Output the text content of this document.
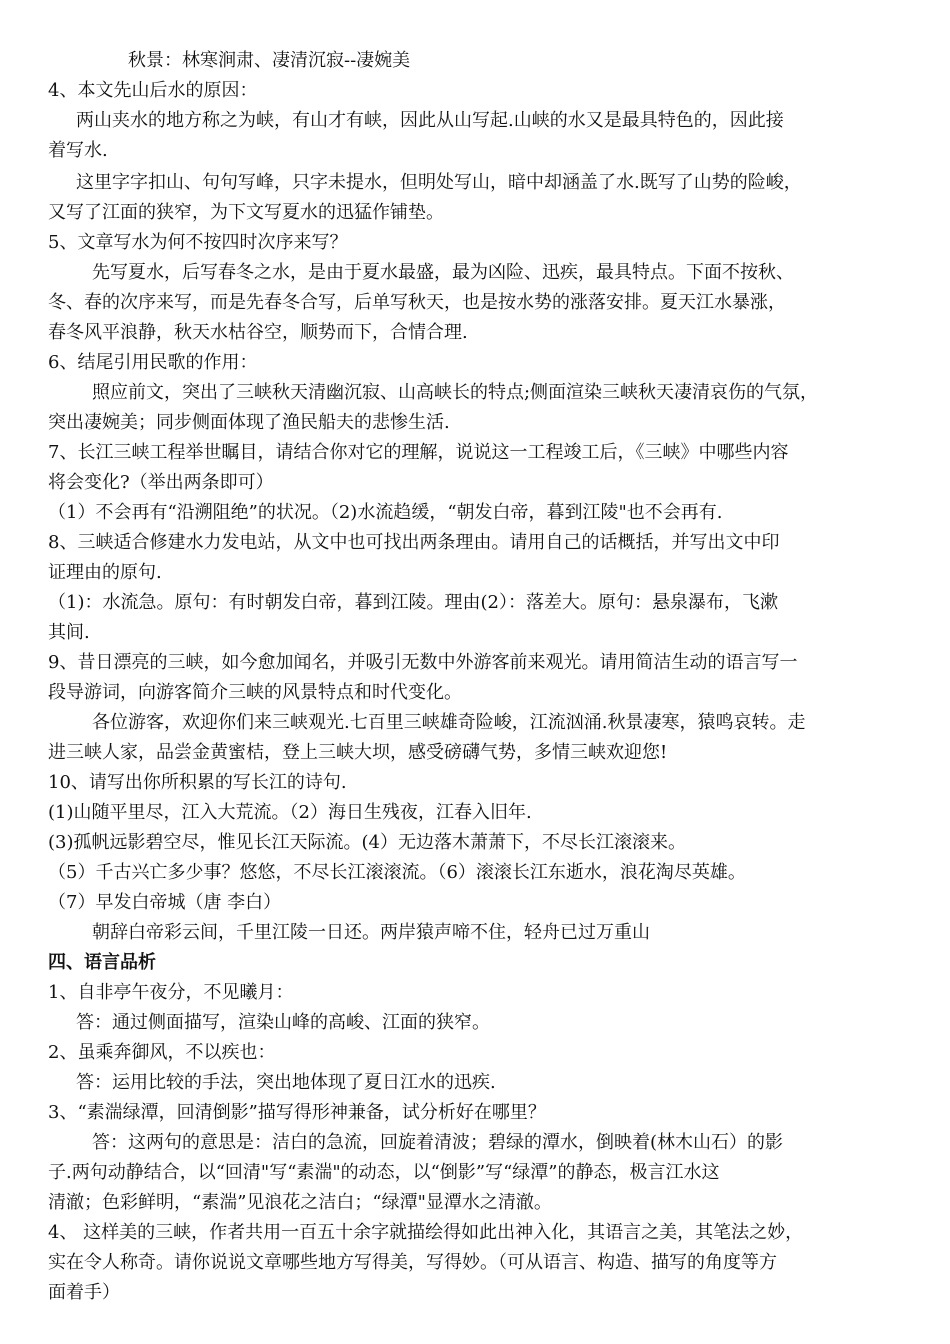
秋景：林寒涧肃、凄清沉寂--凄婉美
4、本文先山后水的原因：
两山夹水的地方称之为峡，有山才有峡，因此从山写起.山峡的水又是最具特色的，因此接
着写水.
这里字字扣山、句句写峰，只字未提水，但明处写山，暗中却涵盖了水.既写了山势的险峻，
又写了江面的狭窄，为下文写夏水的迅猛作铺垫。
5、文章写水为何不按四时次序来写？
先写夏水，后写春冬之水，是由于夏水最盛，最为凶险、迅疾，最具特点。下面不按秋、
冬、春的次序来写，而是先春冬合写，后单写秋天，也是按水势的涨落安排。夏天江水暴涨，
春冬风平浪静，秋天水枯谷空，顺势而下，合情合理.
6、结尾引用民歌的作用：
照应前文，突出了三峡秋天清幽沉寂、山高峡长的特点;侧面渲染三峡秋天凄清哀伤的气氛，
突出凄婉美；同步侧面体现了渔民船夫的悲惨生活.
7、长江三峡工程举世瞩目，请结合你对它的理解，说说这一工程竣工后，《三峡》中哪些内容
将会变化?（举出两条即可）
（1）不会再有“沿溯阻绝”的状况。（2)水流趋缓，“朝发白帝，暮到江陵"也不会再有.
8、三峡适合修建水力发电站，从文中也可找出两条理由。请用自己的话概括，并写出文中印
证理由的原句.
（1)：水流急。原句：有时朝发白帝，暮到江陵。理由(2）：落差大。原句：悬泉瀑布，飞漱
其间.
9、昔日漂亮的三峡，如今愈加闻名，并吸引无数中外游客前来观光。请用简洁生动的语言写一
段导游词，向游客简介三峡的风景特点和时代变化。
各位游客，欢迎你们来三峡观光.七百里三峡雄奇险峻，江流汹涌.秋景凄寒，猿鸣哀转。走
进三峡人家，品尝金黄蜜桔，登上三峡大坝，感受磅礴气势，多情三峡欢迎您!
10、请写出你所积累的写长江的诗句.
(1)山随平里尽，江入大荒流。（2）海日生残夜，江春入旧年.
(3)孤帆远影碧空尽，惟见长江天际流。(4）无边落木萧萧下，不尽长江滚滚来。
（5）千古兴亡多少事？悠悠，不尽长江滚滚流。（6）滚滚长江东逝水，浪花淘尽英雄。
（7）早发白帝城（唐 李白）
朝辞白帝彩云间，千里江陵一日还。两岸猿声啼不住，轻舟已过万重山
四、语言品析
1、自非亭午夜分，不见曦月：
答：通过侧面描写，渲染山峰的高峻、江面的狭窄。
2、虽乘奔御风，不以疾也：
答：运用比较的手法，突出地体现了夏日江水的迅疾.
3、“素湍绿潭，回清倒影”描写得形神兼备，试分析好在哪里？
答：这两句的意思是：洁白的急流，回旋着清波；碧绿的潭水，倒映着(林木山石）的影
子.两句动静结合，以“回清"写“素湍"的动态，以“倒影”写“绿潭”的静态，极言江水这
清澈；色彩鲜明，“素湍”见浪花之洁白；“绿潭"显潭水之清澈。
4、 这样美的三峡，作者共用一百五十余字就描绘得如此出神入化，其语言之美，其笔法之妙，
实在令人称奇。请你说说文章哪些地方写得美，写得妙。（可从语言、构造、描写的角度等方
面着手）
